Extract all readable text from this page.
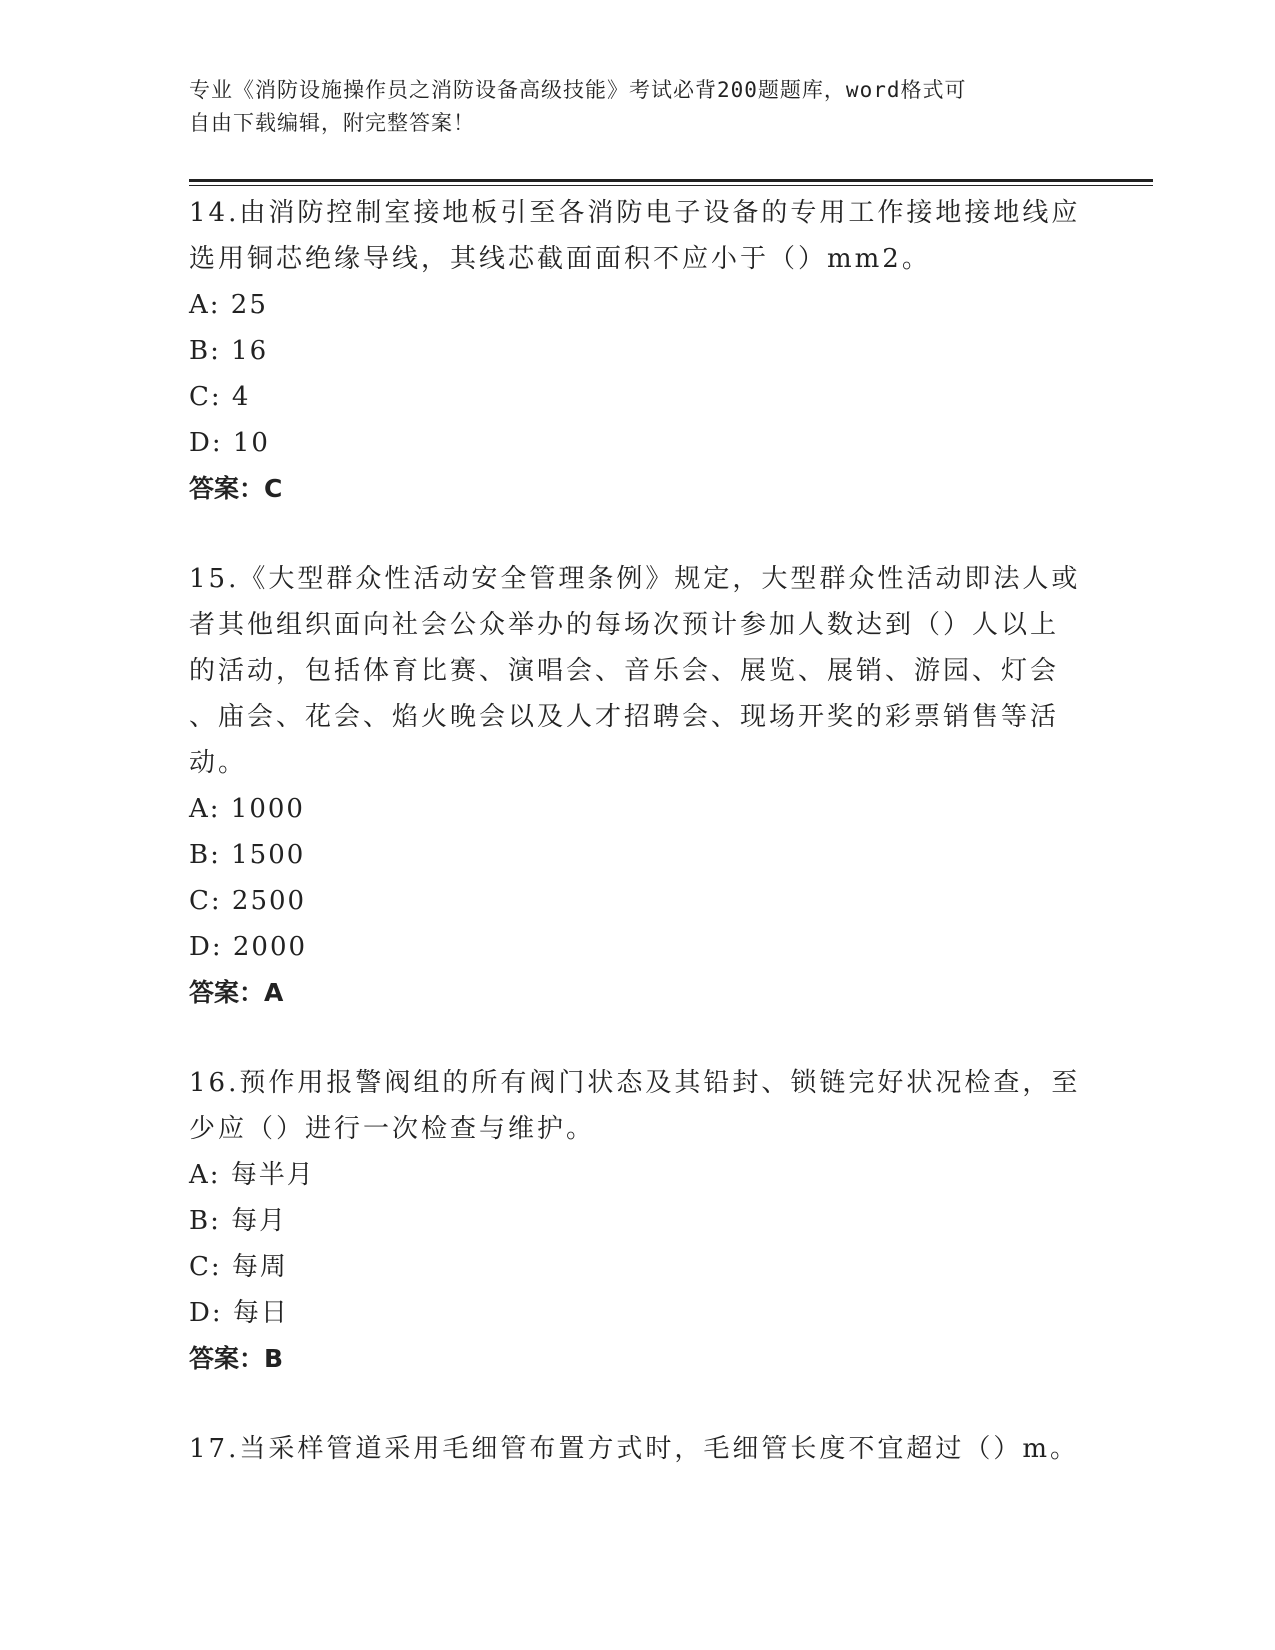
专业《消防设施操作员之消防设备高级技能》考试必背200题题库，word格式可
自由下载编辑，附完整答案！
14.由消防控制室接地板引至各消防电子设备的专用工作接地接地线应
选用铜芯绝缘导线，其线芯截面面积不应小于（）mm2。
A: 25
B: 16
C: 4
D: 10
答案：C
15.《大型群众性活动安全管理条例》规定，大型群众性活动即法人或
者其他组织面向社会公众举办的每场次预计参加人数达到（）人以上
的活动，包括体育比赛、演唱会、音乐会、展览、展销、游园、灯会
、庙会、花会、焰火晚会以及人才招聘会、现场开奖的彩票销售等活
动。
A: 1000
B: 1500
C: 2500
D: 2000
答案：A
16.预作用报警阀组的所有阀门状态及其铅封、锁链完好状况检查，至
少应（）进行一次检查与维护。
A: 每半月
B: 每月
C: 每周
D: 每日
答案：B
17.当采样管道采用毛细管布置方式时，毛细管长度不宜超过（）m。
